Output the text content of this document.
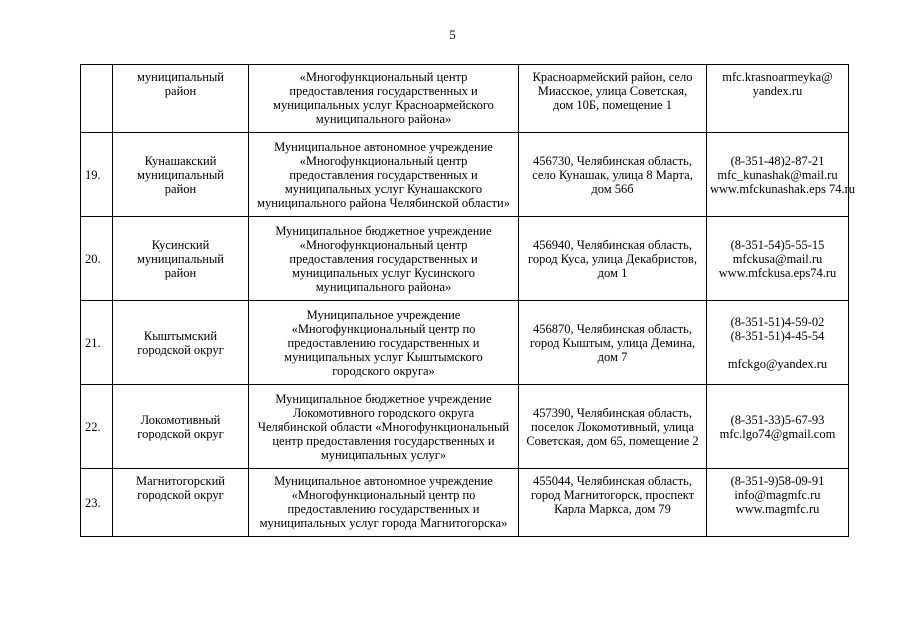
5

	муниципальный
район	«Многофункциональный центр
предоставления государственных и
муниципальных услуг Красноармейского
муниципального района»	Красноармейский район, село
Миасское, улица Советская,
дом 10Б, помещение 1	mfc.krasnoarmeyka@
yandex.ru

19.	Кунашакский
муниципальный
район	Муниципальное автономное учреждение
«Многофункциональный центр
предоставления государственных и
муниципальных услуг Кунашакского
муниципального района Челябинской области»	456730, Челябинская область,
село Кунашак, улица 8 Марта,
дом 56б	(8-351-48)2-87-21
mfc_kunashak@mail.ru
www.mfckunashak.eps 74.ru

20.	Кусинский
муниципальный
район	Муниципальное бюджетное учреждение
«Многофункциональный центр
предоставления государственных и
муниципальных услуг Кусинского
муниципального района»	456940, Челябинская область,
город Куса, улица Декабристов,
дом 1	(8-351-54)5-55-15
mfckusa@mail.ru
www.mfckusa.eps74.ru

21.	Кыштымский
городской округ	Муниципальное учреждение
«Многофункциональный центр по
предоставлению государственных и
муниципальных услуг Кыштымского
городского округа»	456870, Челябинская область,
город Кыштым, улица Демина,
дом 7	(8-351-51)4-59-02
(8-351-51)4-45-54
mfckgo@yandex.ru

22.	Локомотивный
городской округ	Муниципальное бюджетное учреждение
Локомотивного городского округа
Челябинской области «Многофункциональный
центр предоставления государственных и
муниципальных услуг»	457390, Челябинская область,
поселок Локомотивный, улица
Советская, дом 65, помещение 2	(8-351-33)5-67-93
mfc.lgo74@gmail.com

23.	Магнитогорский
городской округ	Муниципальное автономное учреждение
«Многофункциональный центр по
предоставлению государственных и
муниципальных услуг города Магнитогорска»	455044, Челябинская область,
город Магнитогорск, проспект
Карла Маркса, дом 79	(8-351-9)58-09-91
info@magmfc.ru
www.magmfc.ru
